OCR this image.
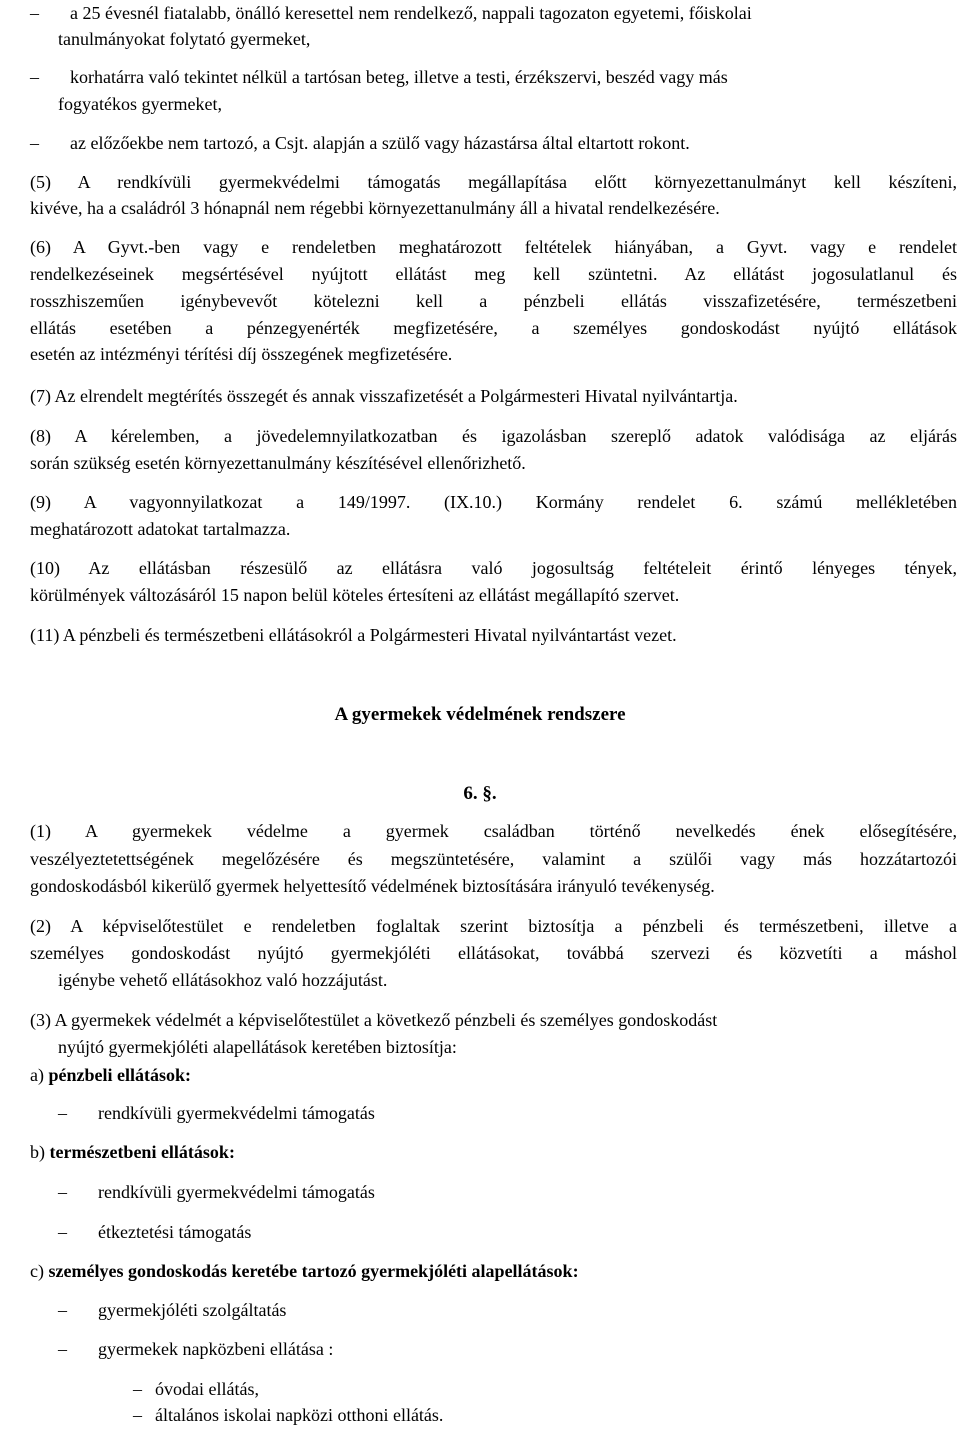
– a 25 évesnél fiatalabb, önálló keresettel nem rendelkező, nappali tagozaton egyetemi, főiskolai
tanulmányokat folytató gyermeket,
– korhatárra való tekintet nélkül a tartósan beteg, illetve a testi, érzékszervi, beszéd vagy más
fogyatékos gyermeket,
– az előzőekbe nem tartozó, a Csjt. alapján a szülő vagy házastársa által eltartott rokont.
(5) A rendkívüli gyermekvédelmi támogatás megállapítása előtt környezettanulmányt kell készíteni,
kivéve, ha a családról 3 hónapnál nem régebbi környezettanulmány áll a hivatal rendelkezésére.
(6) A Gyvt.-ben vagy e rendeletben meghatározott feltételek hiányában, a Gyvt. vagy e rendelet
rendelkezéseinek megsértésével nyújtott ellátást meg kell szüntetni. Az ellátást jogosulatlanul és
rosszhiszeműen igénybevevőt kötelezni kell a pénzbeli ellátás visszafizetésére, természetbeni
ellátás esetében a pénzegyenérték megfizetésére, a személyes gondoskodást nyújtó ellátások
esetén az intézményi térítési díj összegének megfizetésére.
(7) Az elrendelt megtérítés összegét és annak visszafizetését a Polgármesteri Hivatal nyilvántartja.
(8) A kérelemben, a jövedelemnyilatkozatban és igazolásban szereplő adatok valódisága az eljárás
során szükség esetén környezettanulmány készítésével ellenőrizhető.
(9) A vagyonnyilatkozat a 149/1997. (IX.10.) Kormány rendelet 6. számú mellékletében
meghatározott adatokat tartalmazza.
(10) Az ellátásban részesülő az ellátásra való jogosultság feltételeit érintő lényeges tények,
körülmények változásáról 15 napon belül köteles értesíteni az ellátást megállapító szervet.
(11) A pénzbeli és természetbeni ellátásokról a Polgármesteri Hivatal nyilvántartást vezet.
A gyermekek védelmének rendszere
6. §.
(1) A gyermekek védelme a gyermek családban történő nevelkedés ének elősegítésére,
veszélyeztetettségének megelőzésére és megszüntetésére, valamint a szülői vagy más hozzátartozói
gondoskodásból kikerülő gyermek helyettesítő védelmének biztosítására irányuló tevékenység.
(2) A képviselőtestület e rendeletben foglaltak szerint biztosítja a pénzbeli és természetbeni, illetve a
személyes gondoskodást nyújtó gyermekjóléti ellátásokat, továbbá szervezi és közvetíti a máshol
igénybe vehető ellátásokhoz való hozzájutást.
(3) A gyermekek védelmét a képviselőtestület a következő pénzbeli és személyes gondoskodást
nyújtó gyermekjóléti alapellátások keretében biztosítja:
a) pénzbeli ellátások:
– rendkívüli gyermekvédelmi támogatás
b) természetbeni ellátások:
– rendkívüli gyermekvédelmi támogatás
– étkeztetési támogatás
c) személyes gondoskodás keretébe tartozó gyermekjóléti alapellátások:
– gyermekjóléti szolgáltatás
– gyermekek napközbeni ellátása :
– óvodai ellátás,
– általános iskolai napközi otthoni ellátás.
